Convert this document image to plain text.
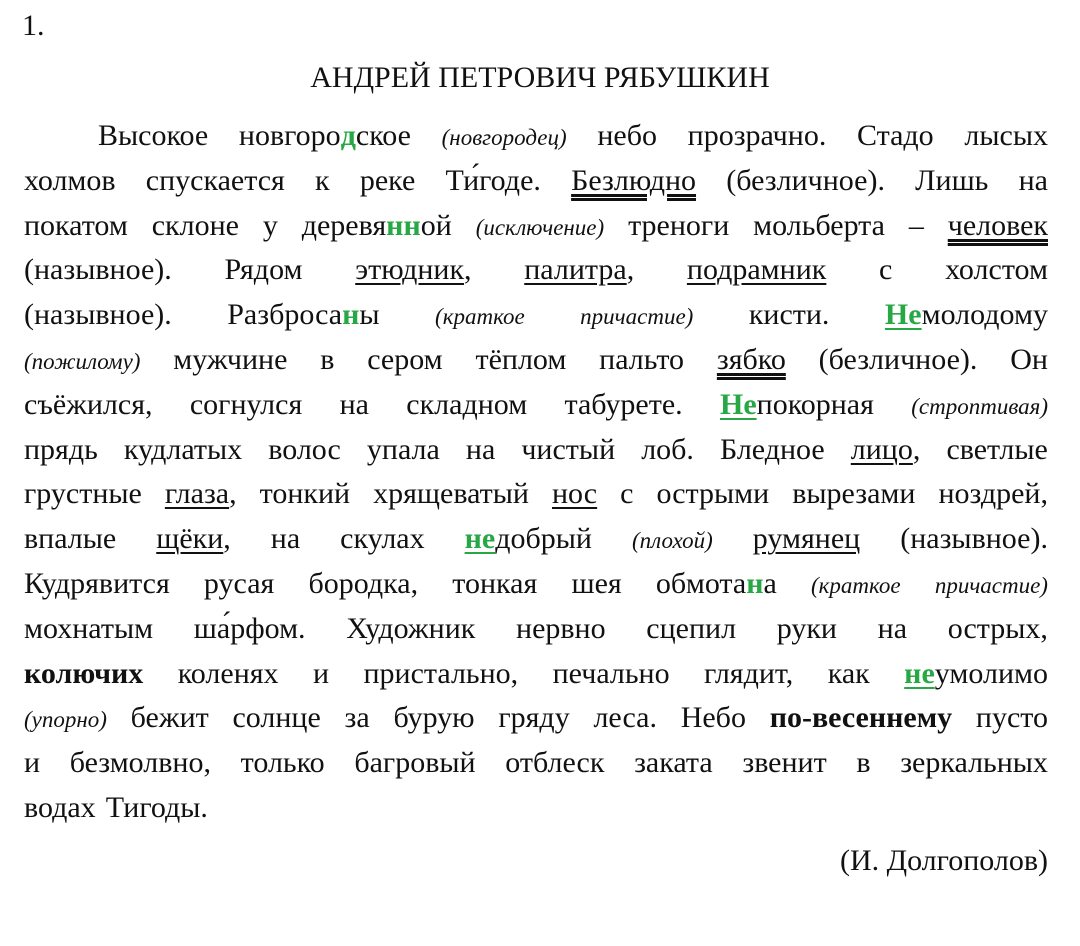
1.
АНДРЕЙ ПЕТРОВИЧ РЯБУШКИН
Высокое новгородское (новгородец) небо прозрачно. Стадо лысых
холмов спускается к реке Ти́годе. Безлюдно (безличное). Лишь на
покатом склоне у деревянной (исключение) треноги мольберта – человек
(назывное). Рядом этюдник, палитра, подрамник с холстом
(назывное). Разбросаны (краткое причастие) кисти. Немолодому
(пожилому) мужчине в сером тёплом пальто зябко (безличное). Он
съёжился, согнулся на складном табурете. Непокорная (строптивая)
прядь кудлатых волос упала на чистый лоб. Бледное лицо, светлые
грустные глаза, тонкий хрящеватый нос с острыми вырезами ноздрей,
впалые щёки, на скулах недобрый (плохой) румянец (назывное).
Кудрявится русая бородка, тонкая шея обмотана (краткое причастие)
мохнатым ша́рфом. Художник нервно сцепил руки на острых,
колючих коленях и пристально, печально глядит, как неумолимо
(упорно) бежит солнце за бурую гряду леса. Небо по-весеннему пусто
и безмолвно, только багровый отблеск заката звенит в зеркальных
водах Тигоды.
(И. Долгополов)
